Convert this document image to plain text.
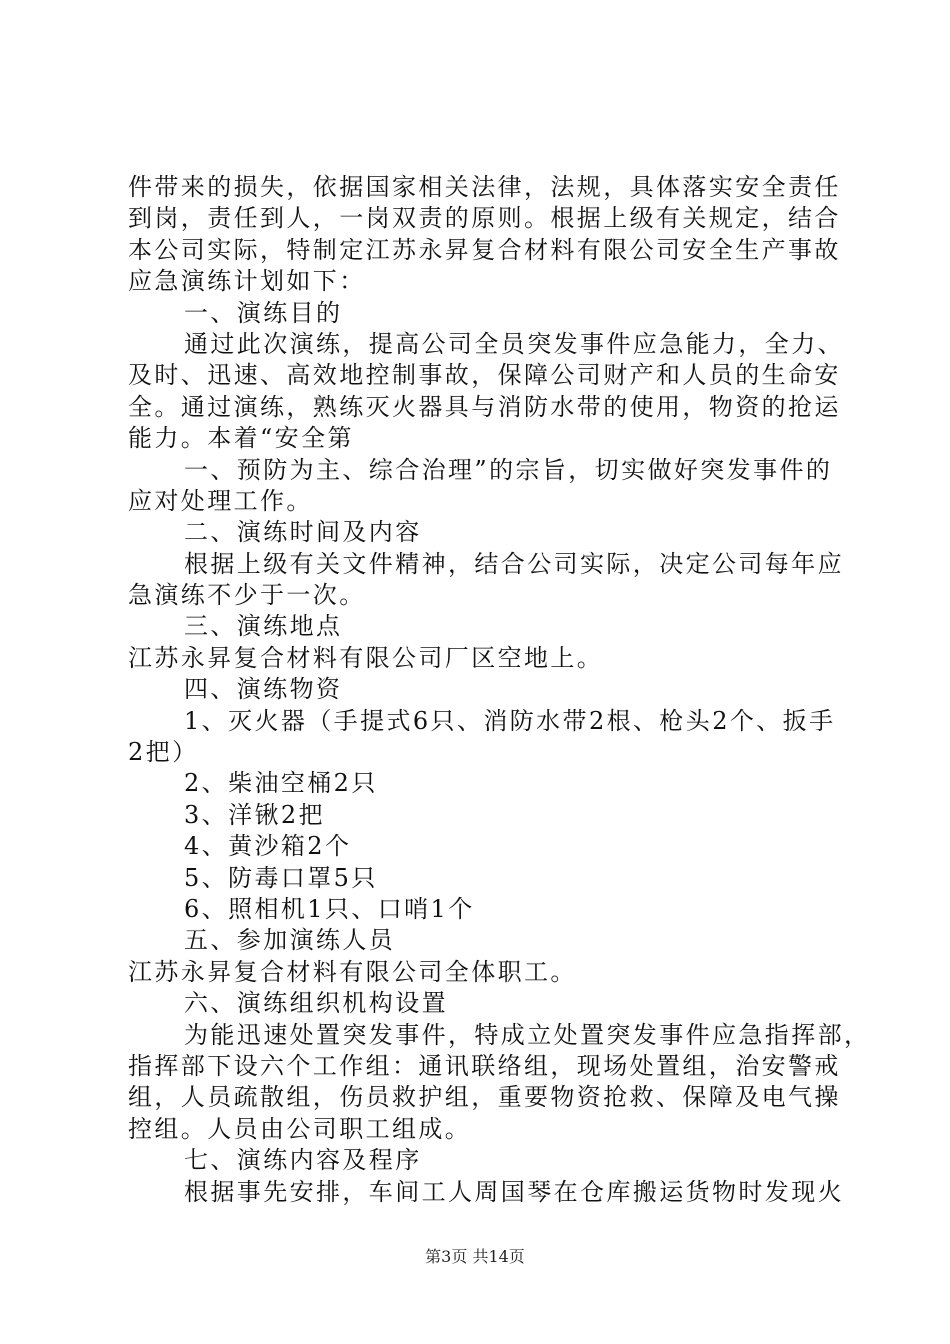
件带来的损失，依据国家相关法律，法规，具体落实安全责任
到岗，责任到人，一岗双责的原则。根据上级有关规定，结合
本公司实际，特制定江苏永昇复合材料有限公司安全生产事故
应急演练计划如下：
一、演练目的
通过此次演练，提高公司全员突发事件应急能力，全力、
及时、迅速、高效地控制事故，保障公司财产和人员的生命安
全。通过演练，熟练灭火器具与消防水带的使用，物资的抢运
能力。本着“安全第
一、预防为主、综合治理”的宗旨，切实做好突发事件的
应对处理工作。
二、演练时间及内容
根据上级有关文件精神，结合公司实际，决定公司每年应
急演练不少于一次。
三、演练地点
江苏永昇复合材料有限公司厂区空地上。
四、演练物资
1、灭火器（手提式6只、消防水带2根、枪头2个、扳手
2把）
2、柴油空桶2只
3、洋锹2把
4、黄沙箱2个
5、防毒口罩5只
6、照相机1只、口哨1个
五、参加演练人员
江苏永昇复合材料有限公司全体职工。
六、演练组织机构设置
为能迅速处置突发事件，特成立处置突发事件应急指挥部，
指挥部下设六个工作组：通讯联络组，现场处置组，治安警戒
组，人员疏散组，伤员救护组，重要物资抢救、保障及电气操
控组。人员由公司职工组成。
七、演练内容及程序
根据事先安排，车间工人周国琴在仓库搬运货物时发现火
第3页 共14页
